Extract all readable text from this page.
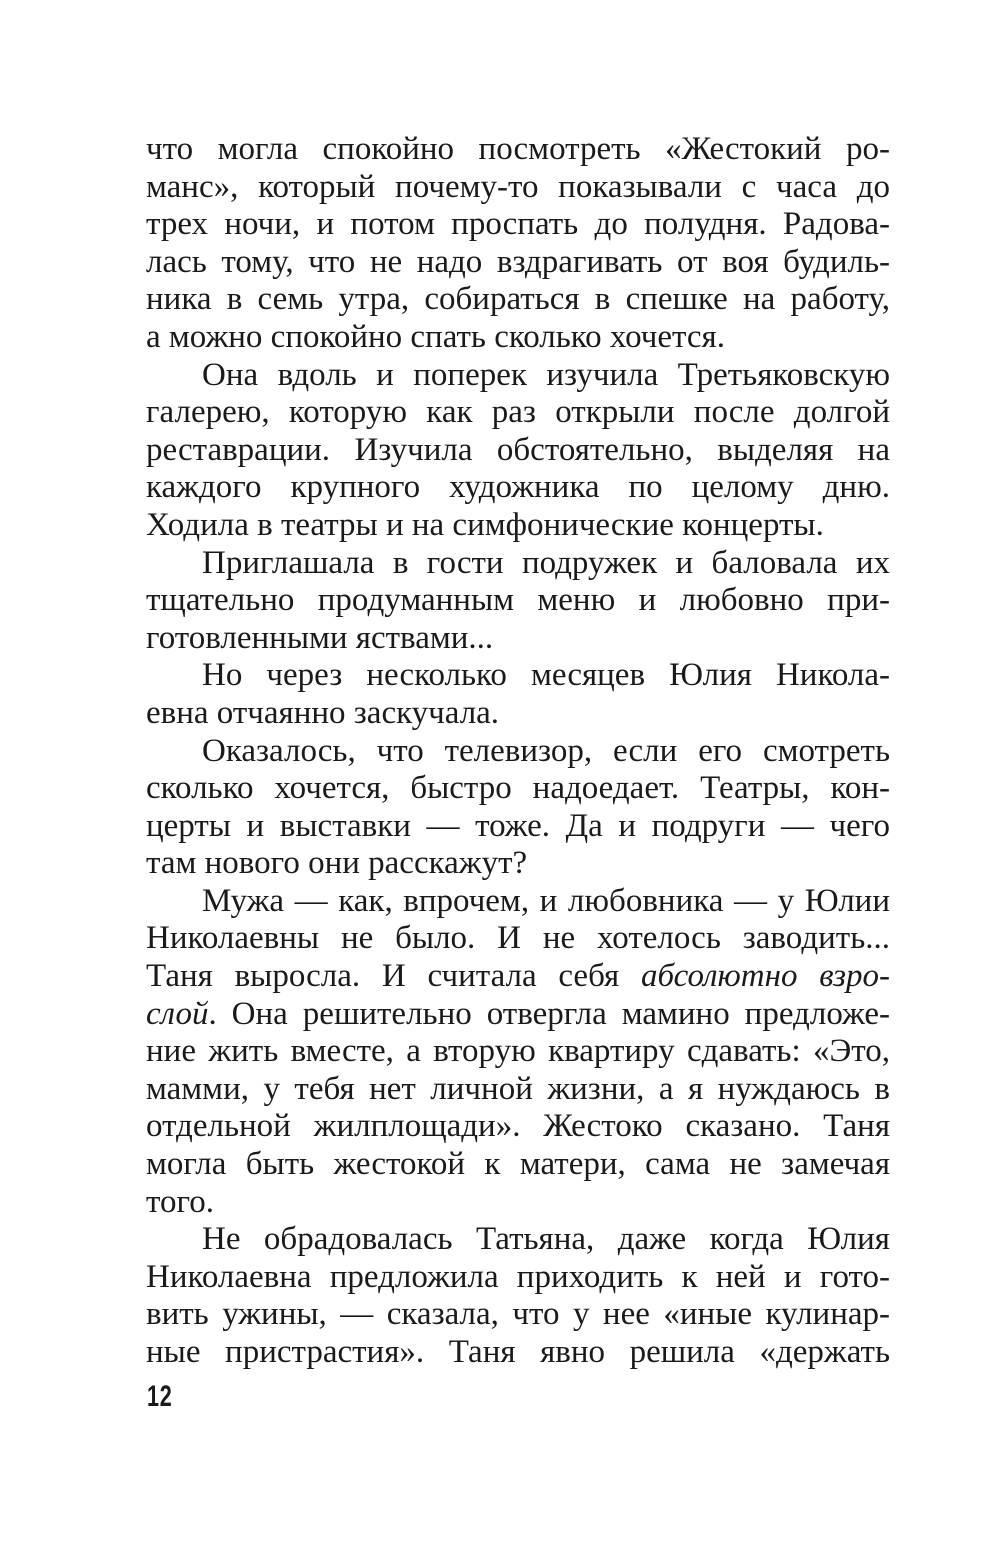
что могла спокойно посмотреть «Жестокий ро-
манс», который почему-то показывали с часа до
трех ночи, и потом проспать до полудня. Радова-
лась тому, что не надо вздрагивать от воя будиль-
ника в семь утра, собираться в спешке на работу,
а можно спокойно спать сколько хочется.
Она вдоль и поперек изучила Третьяковскую
галерею, которую как раз открыли после долгой
реставрации. Изучила обстоятельно, выделяя на
каждого крупного художника по целому дню.
Ходила в театры и на симфонические концерты.
Приглашала в гости подружек и баловала их
тщательно продуманным меню и любовно при-
готовленными яствами...
Но через несколько месяцев Юлия Никола-
евна отчаянно заскучала.
Оказалось, что телевизор, если его смотреть
сколько хочется, быстро надоедает. Театры, кон-
церты и выставки — тоже. Да и подруги — чего
там нового они расскажут?
Мужа — как, впрочем, и любовника — у Юлии
Николаевны не было. И не хотелось заводить...
Таня выросла. И считала себя абсолютно взро-
слой. Она решительно отвергла мамино предложе-
ние жить вместе, а вторую квартиру сдавать: «Это,
мамми, у тебя нет личной жизни, а я нуждаюсь в
отдельной жилплощади». Жестоко сказано. Таня
могла быть жестокой к матери, сама не замечая
того.
Не обрадовалась Татьяна, даже когда Юлия
Николаевна предложила приходить к ней и гото-
вить ужины, — сказала, что у нее «иные кулинар-
ные пристрастия». Таня явно решила «держать
12
